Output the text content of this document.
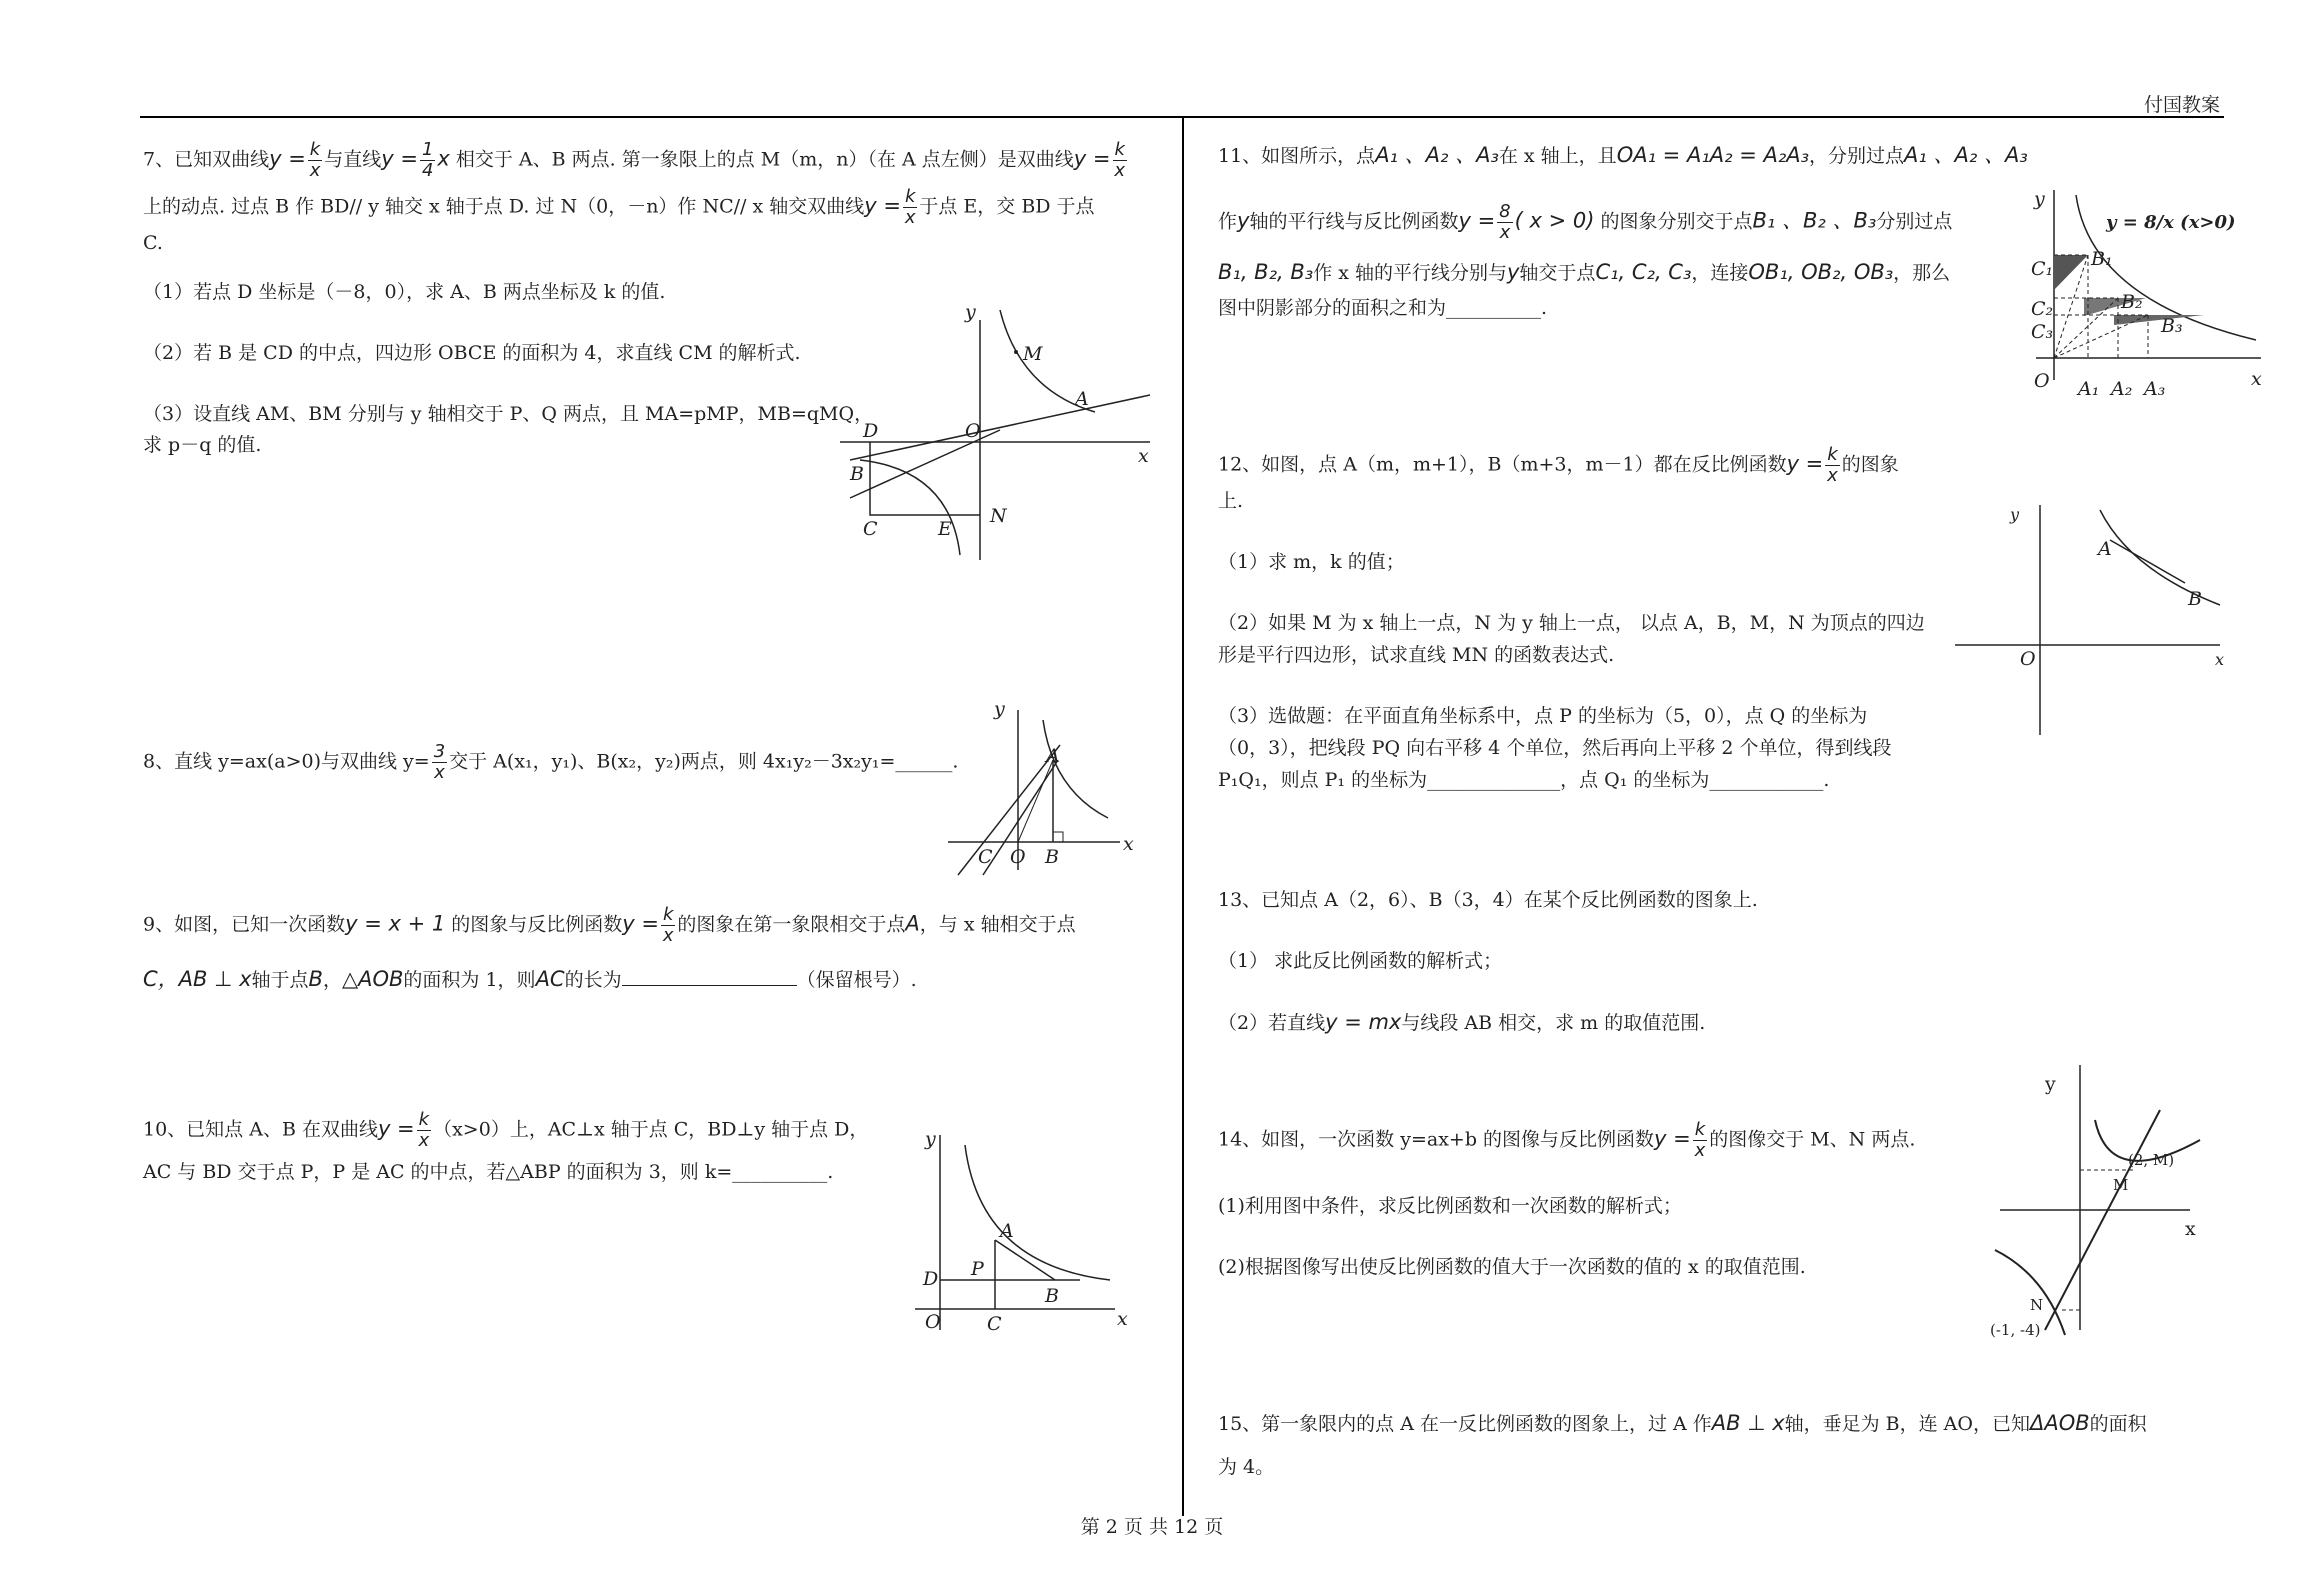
付国教案

7、已知双曲线$y = \frac{k}{x}$ 与直线$y = \frac{1}{4}$ x 相交于 A、B 两点. 第一象限上的点 M（m，n）（在 A 点左侧）是双曲线$y = \frac{k}{x}$

上的动点. 过点 B 作 BD// y 轴交 x 轴于点 D. 过 N（0，－n）作 NC// x 轴交双曲线$y = \frac{k}{x}$ 于点 E，交 BD 于点

C.

（1）若点 D 坐标是（－8，0），求 A、B 两点坐标及 k 的值.

（2）若 B 是 CD 的中点，四边形 OBCE 的面积为 4，求直线 CM 的解析式.

（3）设直线 AM、BM 分别与 y 轴相交于 P、Q 两点，且 MA=pMP，MB=qMQ，

求 p－q 的值.

y
x
M
A
D	O
B
C	E
N

8、直线 y=ax(a>0)与双曲线 $y= \frac{3}{x}$ 交于 A(x₁，y₁)、B(x₂，y₂)两点，则 4x₁y₂－3x₂y₁=______.

y
x
A
C O B

9、如图，已知一次函数y = x + 1 的图象与反比例函数$y = \frac{k}{x}$ 的图象在第一象限相交于点A，与 x 轴相交于点

C，AB ⊥ x轴于点B，△AOB的面积为 1，则AC的长为	（保留根号）.

10、已知点 A、B 在双曲线$y = \frac{k}{x} (x>0)$上，AC⊥x 轴于点 C，BD⊥y 轴于点 D，

AC 与 BD 交于点 P，P 是 AC 的中点，若△ABP 的面积为 3，则 k=__________.

y
x
A
P
D
B
O C

11、如图所示，点A₁ 、A₂ 、A₃在 x 轴上，且OA₁ = A₁A₂ = A₂A₃，分别过点A₁ 、A₂ 、A₃

作y轴的平行线与反比例函数$y = \frac{8}{x}$ ( x > 0) 的图象分别交于点B₁ 、B₂ 、B₃分别过点

B₁, B₂, B₃作 x 轴的平行线分别与y轴交于点C₁, C₂, C₃，连接OB₁, OB₂, OB₃，那么

图中阴影部分的面积之和为__________.

y
x
y = 8/x (x>0)
C₁
C₂
C₃
B₁
B₂
B₃
O A₁ A₂ A₃

12、如图，点 A（m，m+1），B（m+3，m－1）都在反比例函数$y = \frac{k}{x}$ 的图象

上.

（1）求 m，k 的值；

（2）如果 M 为 x 轴上一点，N 为 y 轴上一点， 以点 A，B，M，N 为顶点的四边

形是平行四边形，试求直线 MN 的函数表达式.

（3）选做题：在平面直角坐标系中，点 P 的坐标为（5，0），点 Q 的坐标为

（0，3），把线段 PQ 向右平移 4 个单位，然后再向上平移 2 个单位，得到线段

P₁Q₁，则点 P₁ 的坐标为______________，点 Q₁ 的坐标为____________.

y
x
A
B
O

13、已知点 A（2，6）、B（3，4）在某个反比例函数的图象上.

（1） 求此反比例函数的解析式；

（2）若直线y = mx与线段 AB 相交，求 m 的取值范围.

14、如图，一次函数 y=ax+b 的图像与反比例函数$y = \frac{k}{x}$ 的图像交于 M、N 两点.

(1)利用图中条件，求反比例函数和一次函数的解析式；

(2)根据图像写出使反比例函数的值大于一次函数的值的 x 的取值范围.

y
x
(2, M)
M
N
(-1, -4)

15、第一象限内的点 A 在一反比例函数的图象上，过 A 作AB ⊥ x轴，垂足为 B，连 AO，已知ΔAOB的面积

为 4。

第 2 页 共 12 页
